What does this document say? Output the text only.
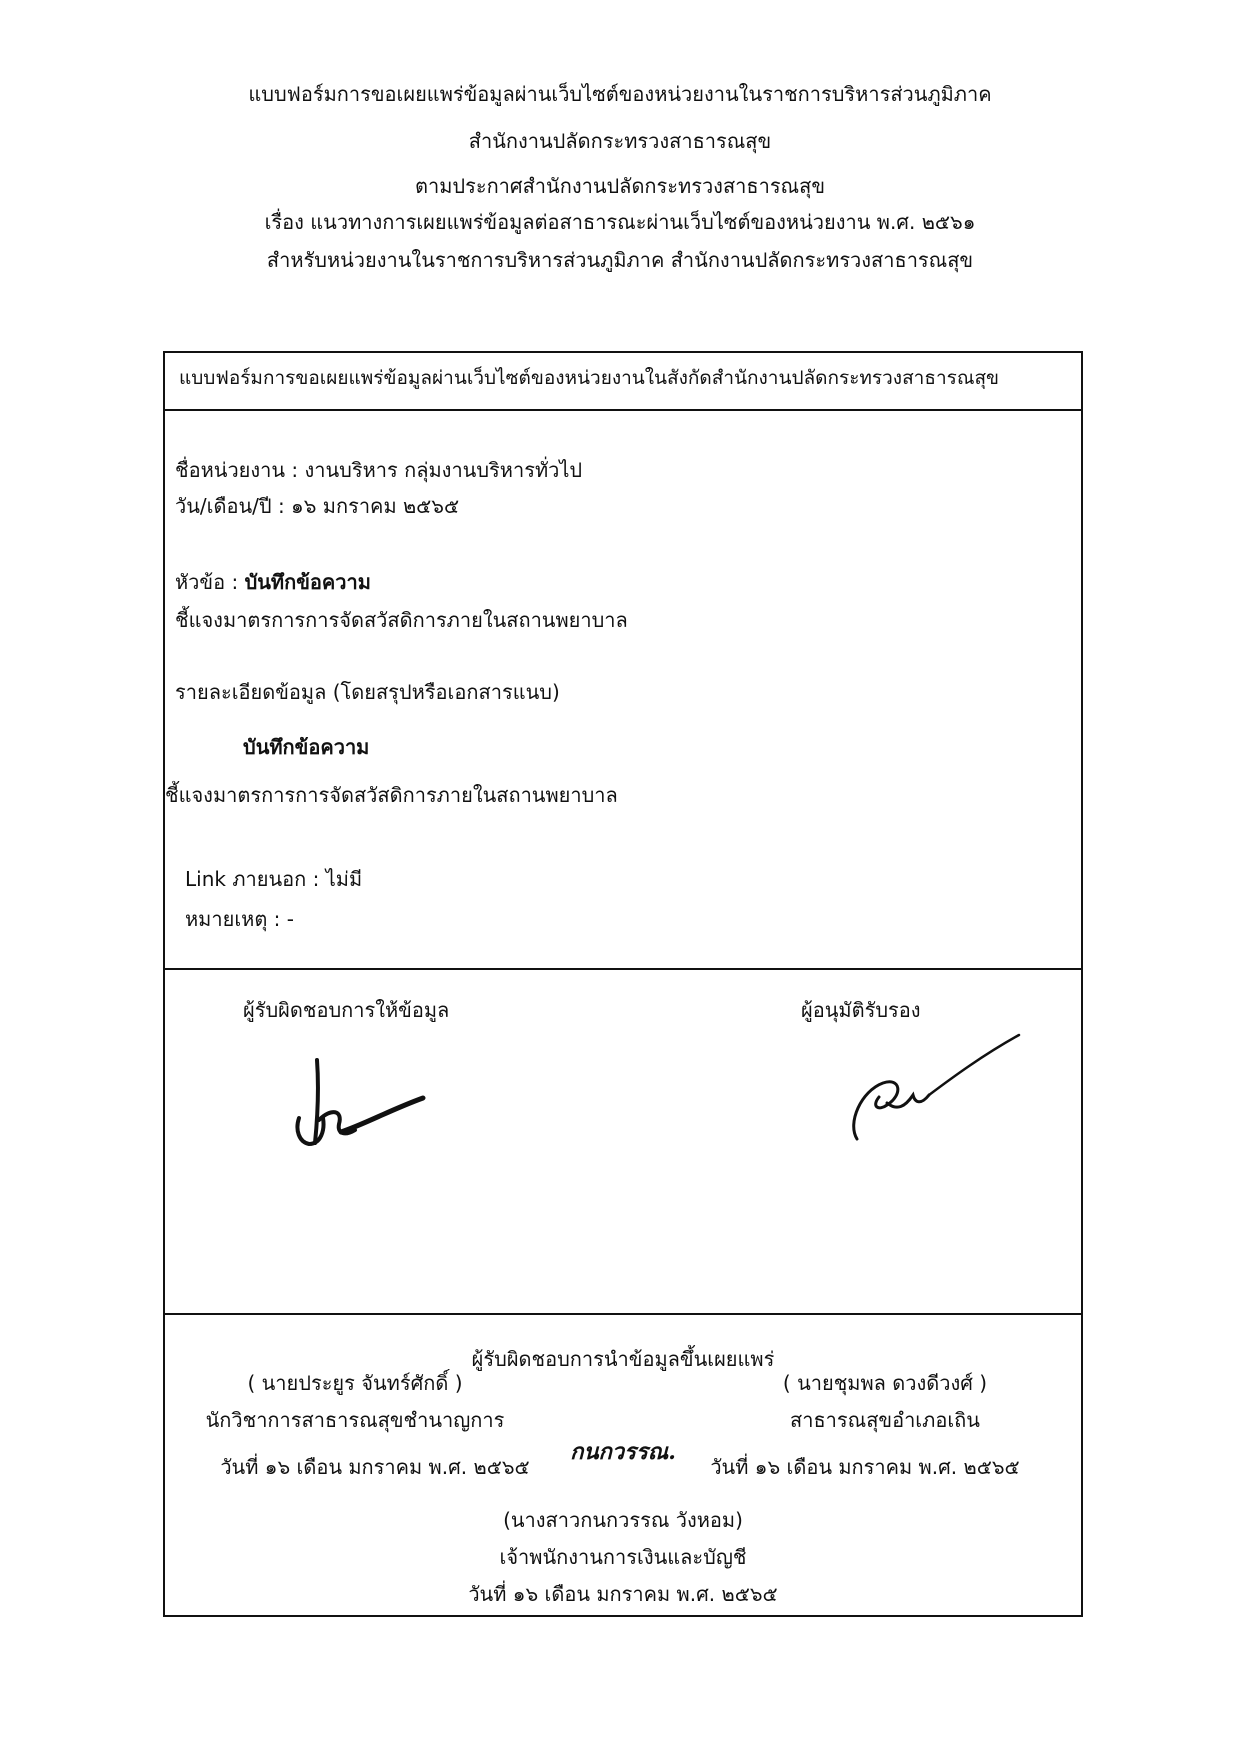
แบบฟอร์มการขอเผยแพร่ข้อมูลผ่านเว็บไซต์ของหน่วยงานในราชการบริหารส่วนภูมิภาค
สำนักงานปลัดกระทรวงสาธารณสุข
ตามประกาศสำนักงานปลัดกระทรวงสาธารณสุข
เรื่อง แนวทางการเผยแพร่ข้อมูลต่อสาธารณะผ่านเว็บไซต์ของหน่วยงาน พ.ศ. ๒๕๖๑
สำหรับหน่วยงานในราชการบริหารส่วนภูมิภาค สำนักงานปลัดกระทรวงสาธารณสุข
แบบฟอร์มการขอเผยแพร่ข้อมูลผ่านเว็บไซต์ของหน่วยงานในสังกัดสำนักงานปลัดกระทรวงสาธารณสุข
ชื่อหน่วยงาน : งานบริหาร กลุ่มงานบริหารทั่วไป
วัน/เดือน/ปี : ๑๖ มกราคม ๒๕๖๕
หัวข้อ : บันทึกข้อความ
ชี้แจงมาตรการการจัดสวัสดิการภายในสถานพยาบาล
รายละเอียดข้อมูล (โดยสรุปหรือเอกสารแนบ)
บันทึกข้อความ
ชี้แจงมาตรการการจัดสวัสดิการภายในสถานพยาบาล
Link ภายนอก : ไม่มี
หมายเหตุ : -
ผู้รับผิดชอบการให้ข้อมูล
( นายประยูร จันทร์ศักดิ์ )
นักวิชาการสาธารณสุขชำนาญการ
วันที่ ๑๖ เดือน มกราคม พ.ศ. ๒๕๖๕
ผู้อนุมัติรับรอง
( นายชุมพล ดวงดีวงศ์ )
สาธารณสุขอำเภอเถิน
วันที่ ๑๖ เดือน มกราคม พ.ศ. ๒๕๖๕
ผู้รับผิดชอบการนำข้อมูลขึ้นเผยแพร่
กนกวรรณ.
(นางสาวกนกวรรณ วังหอม)
เจ้าพนักงานการเงินและบัญชี
วันที่ ๑๖ เดือน มกราคม พ.ศ. ๒๕๖๕
